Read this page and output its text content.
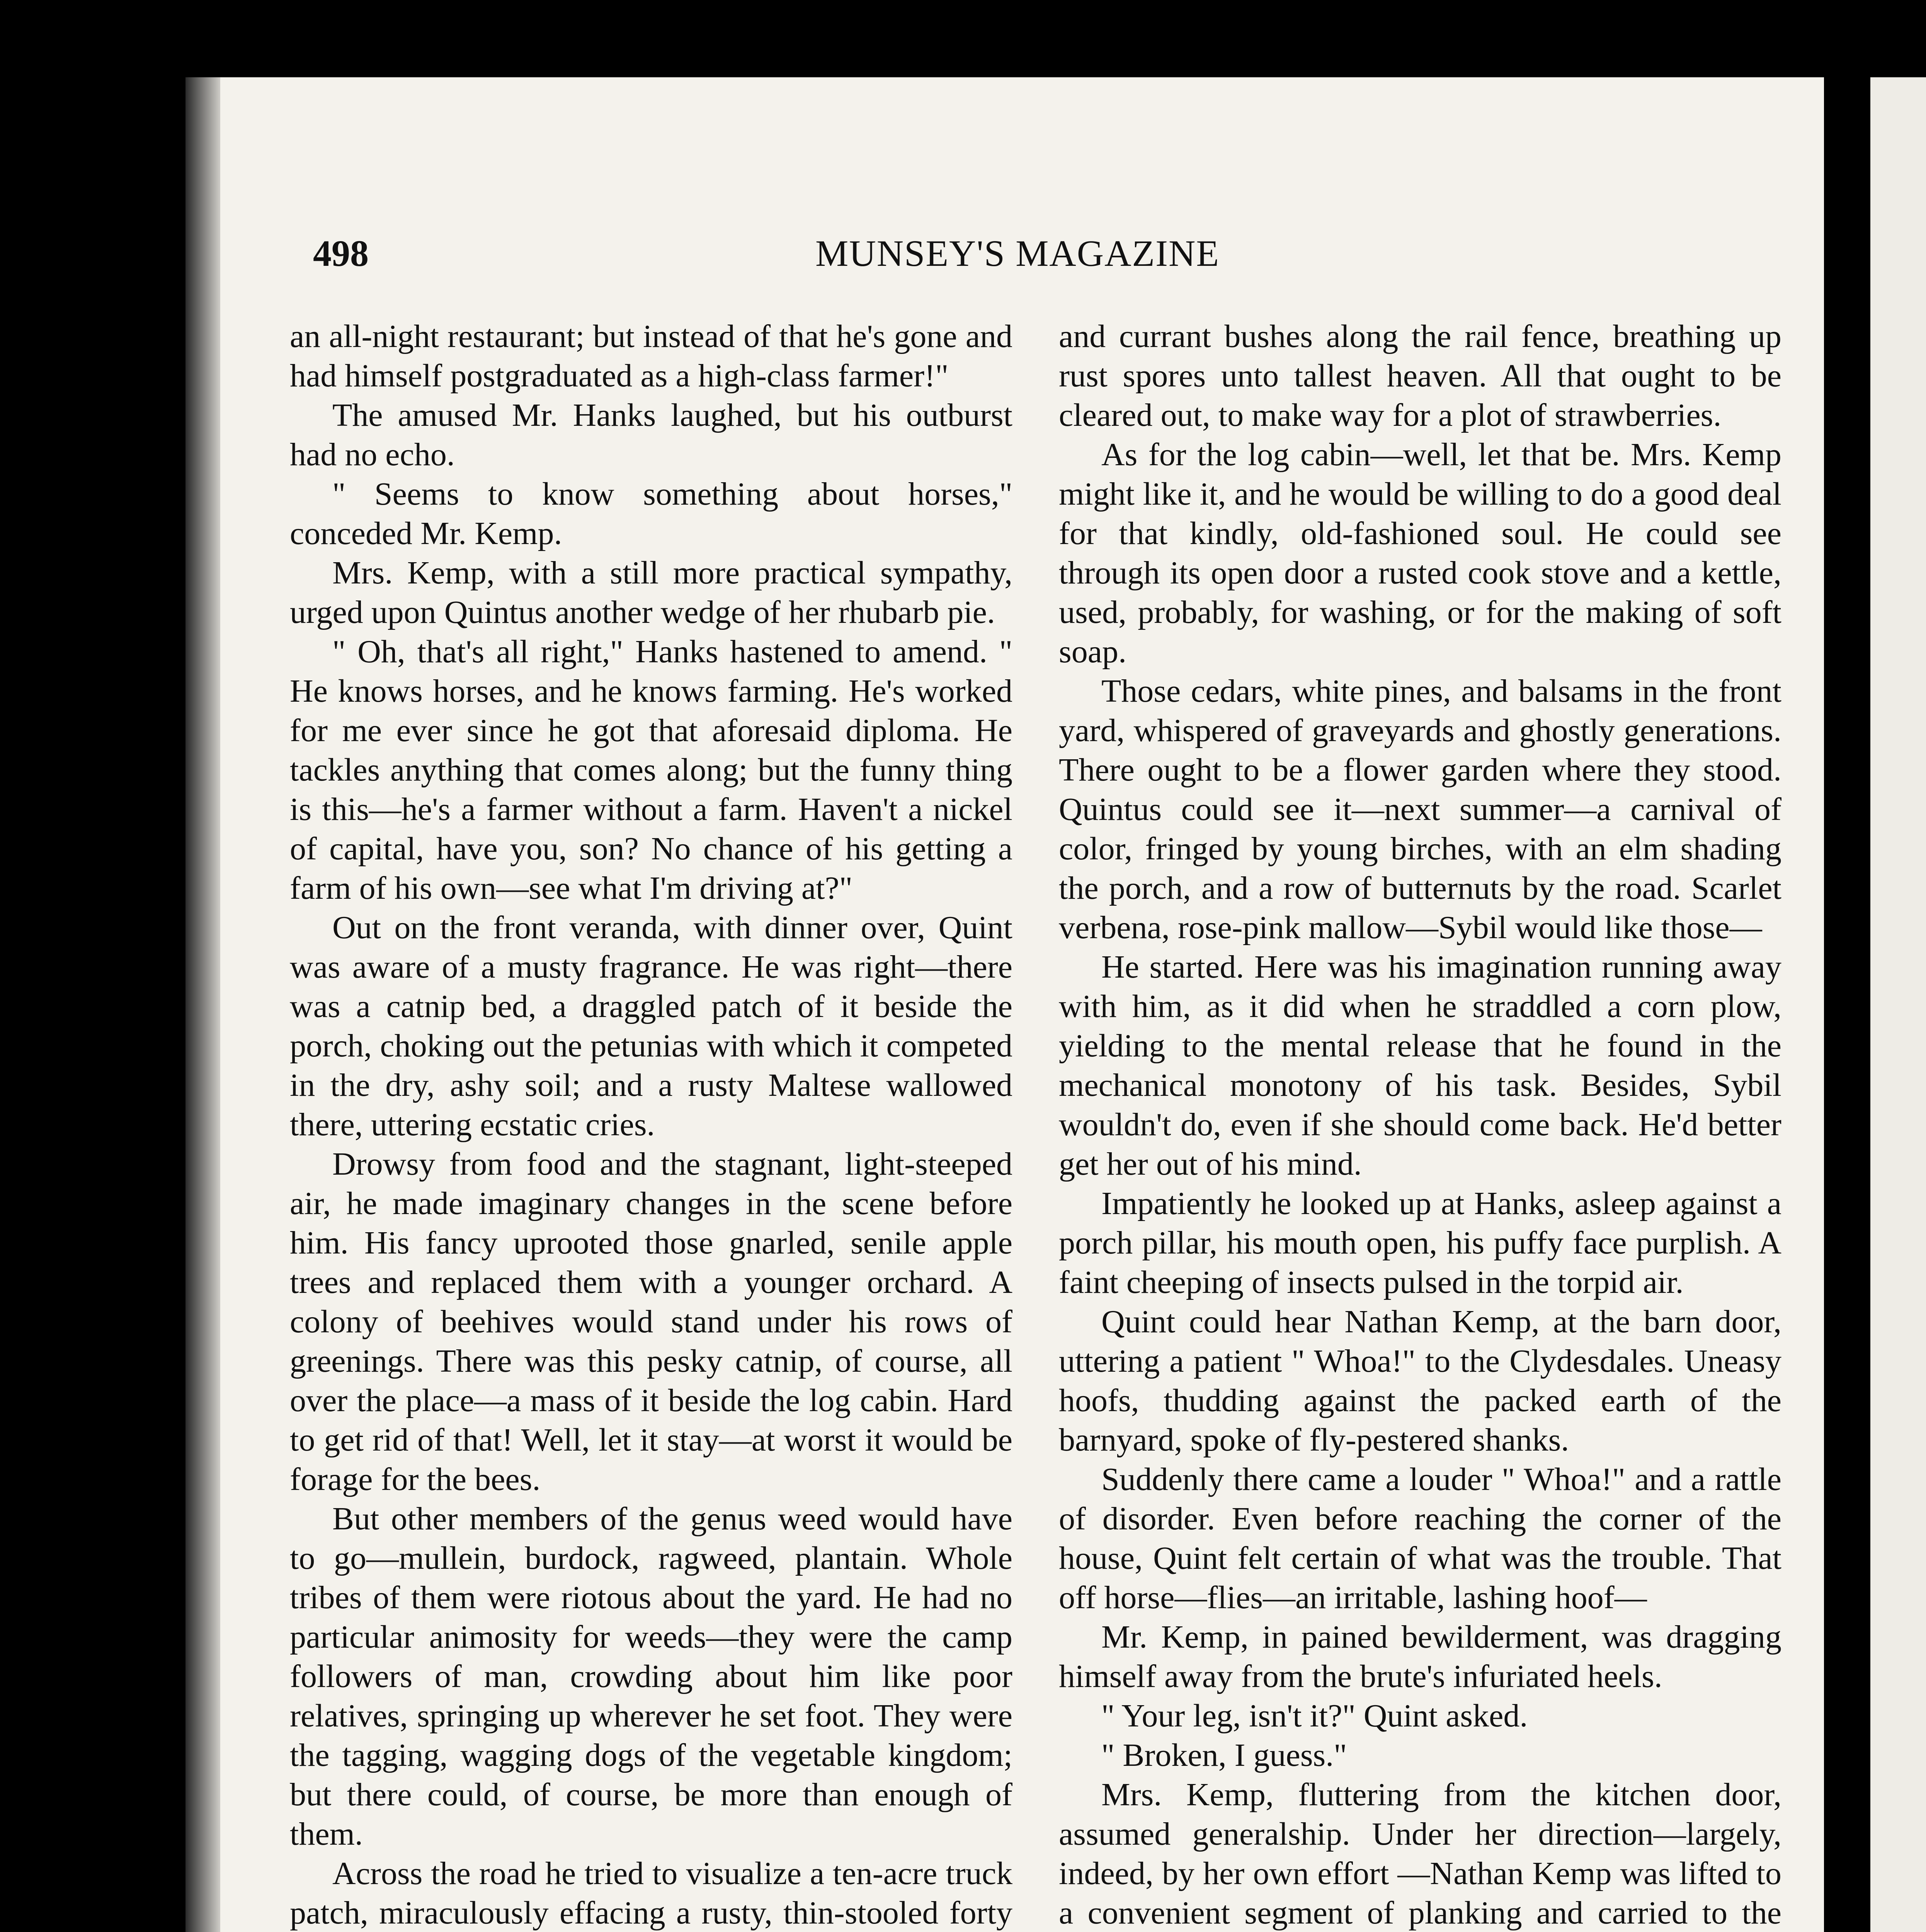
498	MUNSEY'S MAGAZINE

an all-night restaurant; but instead of that he's gone and had himself postgraduated as a high-class farmer!"

The amused Mr. Hanks laughed, but his outburst had no echo.

" Seems to know something about horses," conceded Mr. Kemp.

Mrs. Kemp, with a still more practical sympathy, urged upon Quintus another wedge of her rhubarb pie.

" Oh, that's all right," Hanks hastened to amend. " He knows horses, and he knows farming. He's worked for me ever since he got that aforesaid diploma. He tackles anything that comes along; but the funny thing is this—he's a farmer without a farm. Haven't a nickel of capital, have you, son? No chance of his getting a farm of his own—see what I'm driving at?"

Out on the front veranda, with dinner over, Quint was aware of a musty fragrance. He was right—there was a catnip bed, a draggled patch of it beside the porch, choking out the petunias with which it competed in the dry, ashy soil; and a rusty Maltese wallowed there, uttering ecstatic cries.

Drowsy from food and the stagnant, light-steeped air, he made imaginary changes in the scene before him. His fancy uprooted those gnarled, senile apple trees and replaced them with a younger orchard. A colony of beehives would stand under his rows of greenings. There was this pesky catnip, of course, all over the place—a mass of it beside the log cabin. Hard to get rid of that! Well, let it stay—at worst it would be forage for the bees.

But other members of the genus weed would have to go—mullein, burdock, ragweed, plantain. Whole tribes of them were riotous about the yard. He had no particular animosity for weeds—they were the camp followers of man, crowding about him like poor relatives, springing up wherever he set foot. They were the tagging, wagging dogs of the vegetable kingdom; but there could, of course, be more than enough of them.

Across the road he tried to visualize a ten-acre truck patch, miraculously effacing a rusty, thin-stooled forty

and currant bushes along the rail fence, breathing up rust spores unto tallest heaven. All that ought to be cleared out, to make way for a plot of strawberries.

As for the log cabin—well, let that be. Mrs. Kemp might like it, and he would be willing to do a good deal for that kindly, old-fashioned soul. He could see through its open door a rusted cook stove and a kettle, used, probably, for washing, or for the making of soft soap.

Those cedars, white pines, and balsams in the front yard, whispered of graveyards and ghostly generations. There ought to be a flower garden where they stood. Quintus could see it—next summer—a carnival of color, fringed by young birches, with an elm shading the porch, and a row of butternuts by the road. Scarlet verbena, rose-pink mallow—Sybil would like those—

He started. Here was his imagination running away with him, as it did when he straddled a corn plow, yielding to the mental release that he found in the mechanical monotony of his task. Besides, Sybil wouldn't do, even if she should come back. He'd better get her out of his mind.

Impatiently he looked up at Hanks, asleep against a porch pillar, his mouth open, his puffy face purplish. A faint cheeping of insects pulsed in the torpid air.

Quint could hear Nathan Kemp, at the barn door, uttering a patient " Whoa!" to the Clydesdales. Uneasy hoofs, thudding against the packed earth of the barnyard, spoke of fly-pestered shanks.

Suddenly there came a louder " Whoa!" and a rattle of disorder. Even before reaching the corner of the house, Quint felt certain of what was the trouble. That off horse—flies—an irritable, lashing hoof—

Mr. Kemp, in pained bewilderment, was dragging himself away from the brute's infuriated heels.

" Your leg, isn't it?" Quint asked.

" Broken, I guess."

Mrs. Kemp, fluttering from the kitchen door, assumed generalship. Under her direction—largely, indeed, by her own effort —Nathan Kemp was lifted to a convenient segment of planking and carried to the
